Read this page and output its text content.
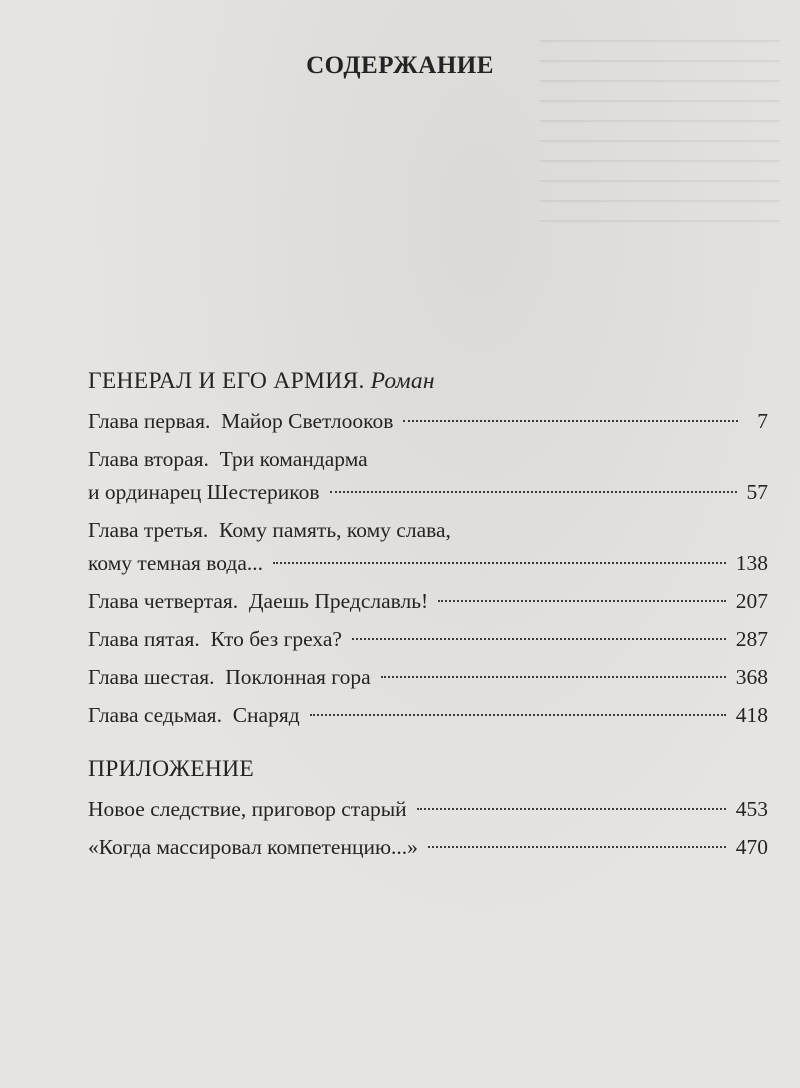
СОДЕРЖАНИЕ
ГЕНЕРАЛ И ЕГО АРМИЯ. Роман
Глава первая. Майор Светлооков	7
Глава вторая. Три командарма
и ординарец Шестериков	57
Глава третья. Кому память, кому слава,
кому темная вода...	138
Глава четвертая. Даешь Предславль!	207
Глава пятая. Кто без греха?	287
Глава шестая. Поклонная гора	368
Глава седьмая. Снаряд	418
ПРИЛОЖЕНИЕ
Новое следствие, приговор старый	453
«Когда массировал компетенцию...»	470
